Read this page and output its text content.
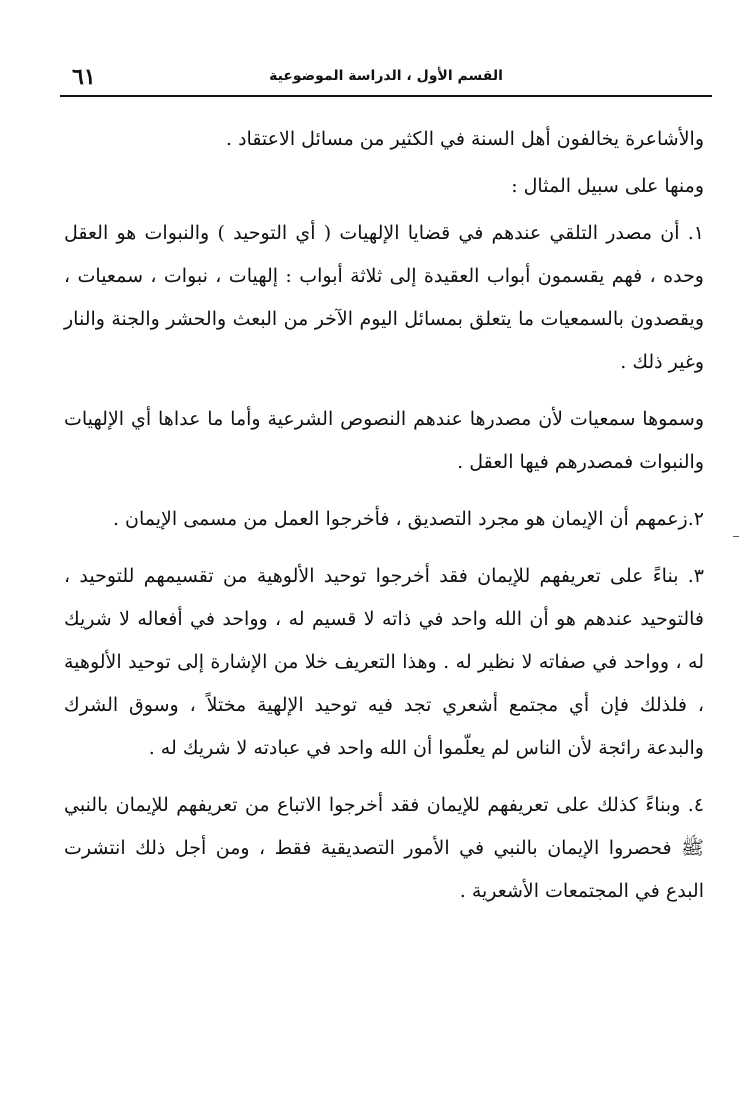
٦١	القسم الأول ، الدراسة الموضوعية

والأشاعرة يخالفون أهل السنة في الكثير من مسائل الاعتقاد .

ومنها على سبيل المثال :

١. أن مصدر التلقي عندهم في قضايا الإلهيات ( أي التوحيد ) والنبوات هو العقل وحده ، فهم يقسمون أبواب العقيدة إلى ثلاثة أبواب : إلهيات ، نبوات ، سمعيات ، ويقصدون بالسمعيات ما يتعلق بمسائل اليوم الآخر من البعث والحشر والجنة والنار وغير ذلك .

وسموها سمعيات لأن مصدرها عندهم النصوص الشرعية وأما ما عداها أي الإلهيات والنبوات فمصدرهم فيها العقل .

٢.زعمهم أن الإيمان هو مجرد التصديق ، فأخرجوا العمل من مسمى الإيمان .

٣. بناءً على تعريفهم للإيمان فقد أخرجوا توحيد الألوهية من تقسيمهم للتوحيد ، فالتوحيد عندهم هو أن الله واحد في ذاته لا قسيم له ، وواحد في أفعاله لا شريك له ، وواحد في صفاته لا نظير له . وهذا التعريف خلا من الإشارة إلى توحيد الألوهية ، فلذلك فإن أي مجتمع أشعري تجد فيه توحيد الإلهية مختلاً ، وسوق الشرك والبدعة رائجة لأن الناس لم يعلّموا أن الله واحد في عبادته لا شريك له .

٤. وبناءً كذلك على تعريفهم للإيمان فقد أخرجوا الاتباع من تعريفهم للإيمان بالنبي ﷺ فحصروا الإيمان بالنبي في الأمور التصديقية فقط ، ومن أجل ذلك انتشرت البدع في المجتمعات الأشعرية .
